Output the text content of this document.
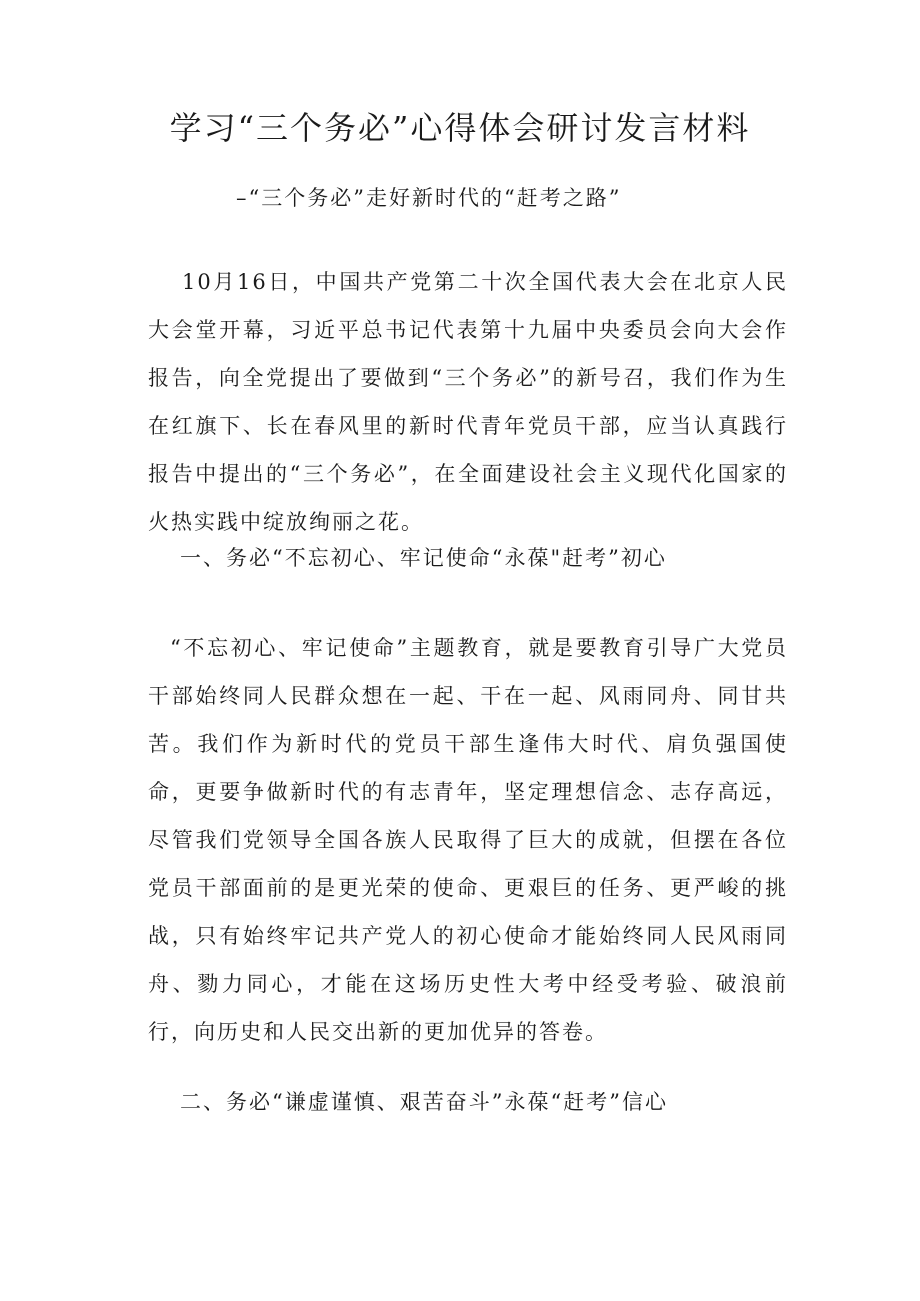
学习“三个务必”心得体会研讨发言材料
–“三个务必”走好新时代的“赶考之路”

10月16日，中国共产党第二十次全国代表大会在北京人民大会堂开幕，习近平总书记代表第十九届中央委员会向大会作报告，向全党提出了要做到“三个务必”的新号召，我们作为生在红旗下、长在春风里的新时代青年党员干部，应当认真践行报告中提出的“三个务必”，在全面建设社会主义现代化国家的火热实践中绽放绚丽之花。

一、务必“不忘初心、牢记使命“永葆"赶考”初心

“不忘初心、牢记使命”主题教育，就是要教育引导广大党员干部始终同人民群众想在一起、干在一起、风雨同舟、同甘共苦。我们作为新时代的党员干部生逢伟大时代、肩负强国使命，更要争做新时代的有志青年，坚定理想信念、志存高远，尽管我们党领导全国各族人民取得了巨大的成就，但摆在各位党员干部面前的是更光荣的使命、更艰巨的任务、更严峻的挑战，只有始终牢记共产党人的初心使命才能始终同人民风雨同舟、勠力同心，才能在这场历史性大考中经受考验、破浪前行，向历史和人民交出新的更加优异的答卷。

二、务必“谦虚谨慎、艰苦奋斗”永葆“赶考”信心
